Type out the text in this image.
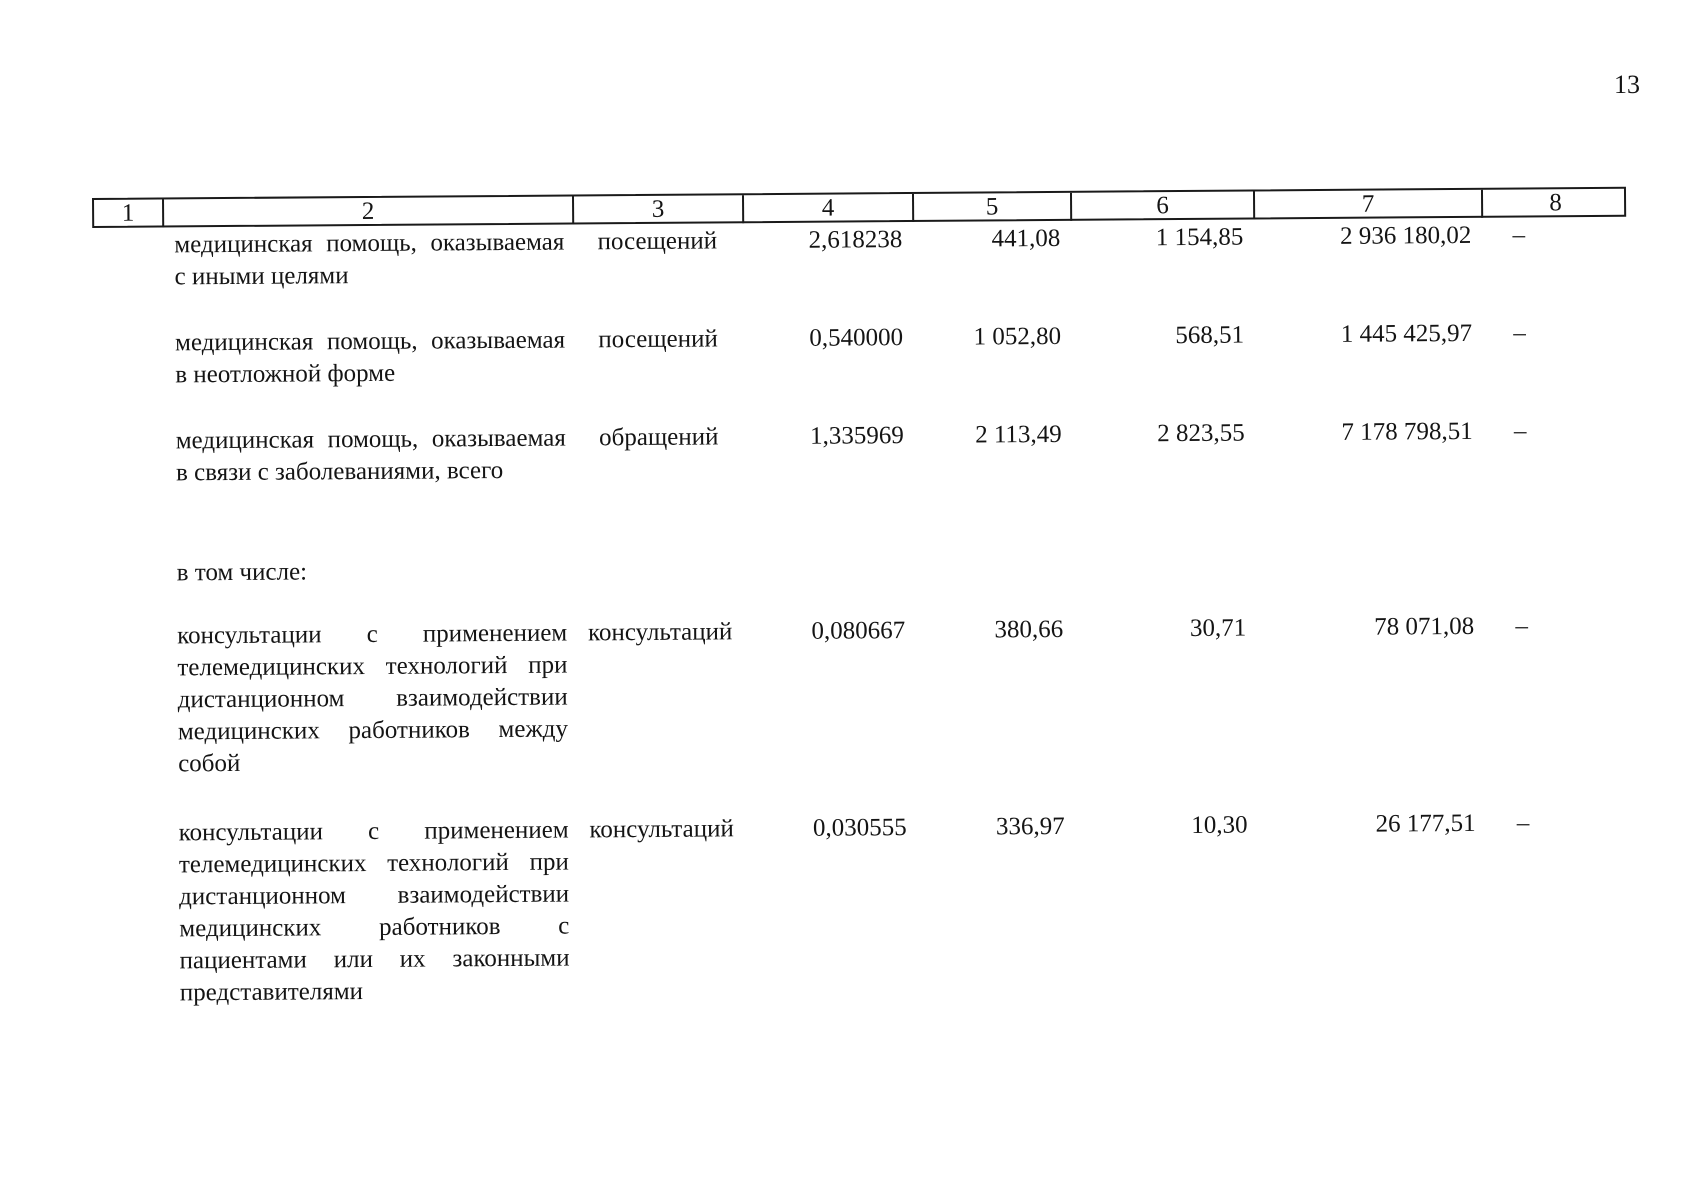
13
1	2	3	4	5	6	7	8
медицинская помощь, оказываемая с иными целями
посещений	2,618238	441,08	1 154,85	2 936 180,02	–
медицинская помощь, оказываемая в неотложной форме
посещений	0,540000	1 052,80	568,51	1 445 425,97	–
медицинская помощь, оказываемая в связи с заболеваниями, всего
обращений	1,335969	2 113,49	2 823,55	7 178 798,51	–
в том числе:
консультации с применением телемедицинских технологий при дистанционном взаимодействии медицинских работников между собой
консультаций	0,080667	380,66	30,71	78 071,08	–
консультации с применением телемедицинских технологий при дистанционном взаимодействии медицинских работников с пациентами или их законными представителями
консультаций	0,030555	336,97	10,30	26 177,51	–
